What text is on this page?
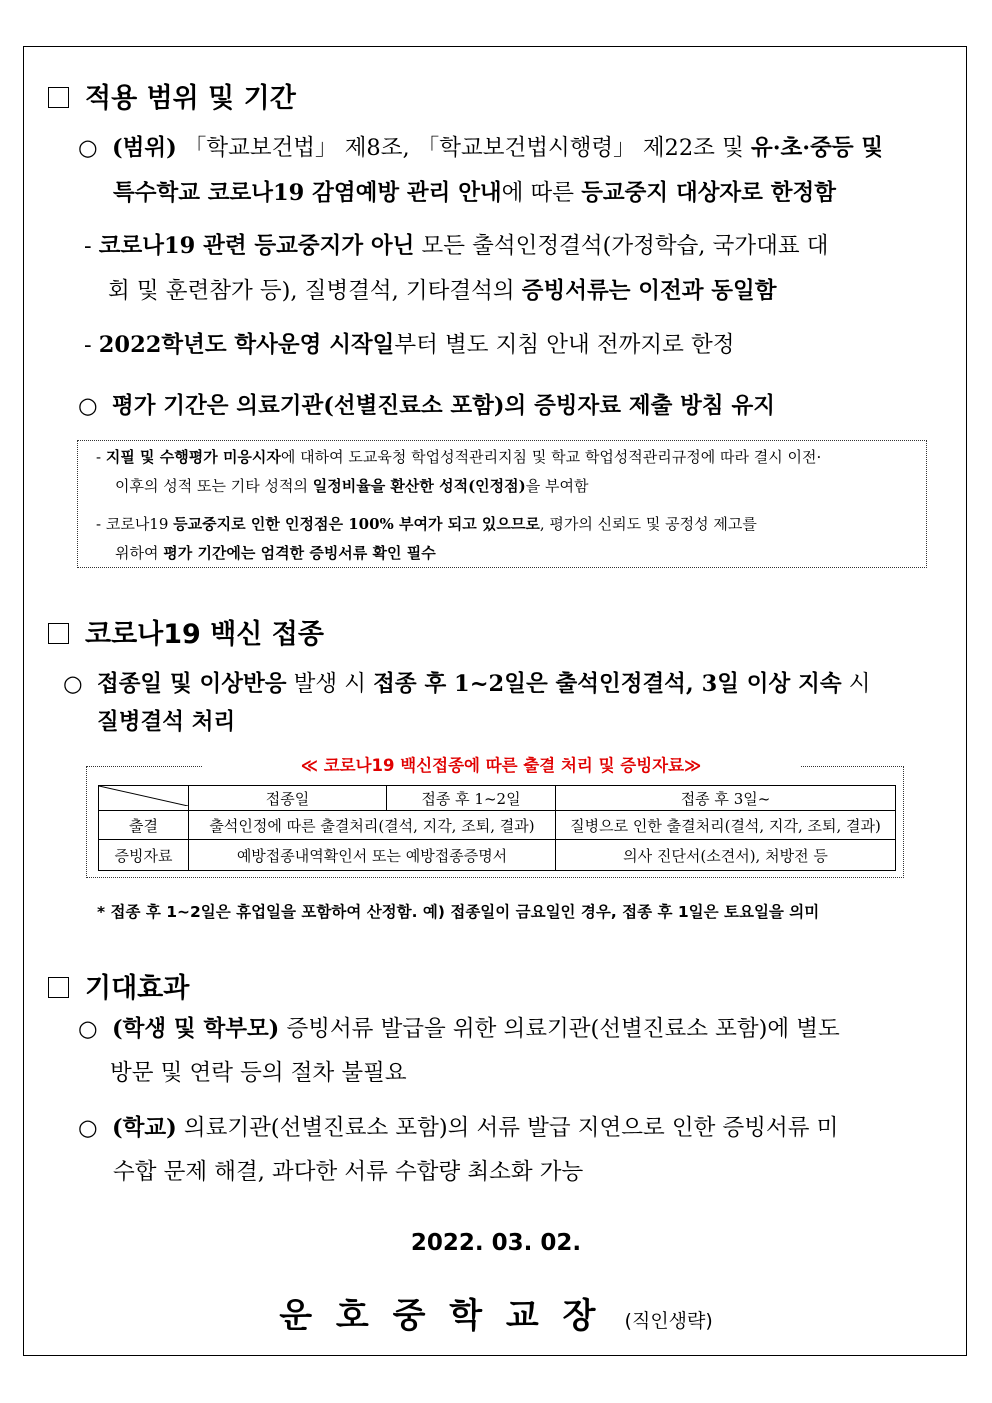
적용 범위 및 기간
○ (범위) 「학교보건법」 제8조, 「학교보건법시행령」 제22조 및 유·초·중등 및
특수학교 코로나19 감염예방 관리 안내에 따른 등교중지 대상자로 한정함
- 코로나19 관련 등교중지가 아닌 모든 출석인정결석(가정학습, 국가대표 대
회 및 훈련참가 등), 질병결석, 기타결석의 증빙서류는 이전과 동일함
- 2022학년도 학사운영 시작일부터 별도 지침 안내 전까지로 한정
○ 평가 기간은 의료기관(선별진료소 포함)의 증빙자료 제출 방침 유지
- 지필 및 수행평가 미응시자에 대하여 도교육청 학업성적관리지침 및 학교 학업성적관리규정에 따라 결시 이전·
이후의 성적 또는 기타 성적의 일정비율을 환산한 성적(인정점)을 부여함
- 코로나19 등교중지로 인한 인정점은 100% 부여가 되고 있으므로, 평가의 신뢰도 및 공정성 제고를
위하여 평가 기간에는 엄격한 증빙서류 확인 필수
코로나19 백신 접종
○ 접종일 및 이상반응 발생 시 접종 후 1~2일은 출석인정결석, 3일 이상 지속 시
질병결석 처리
≪ 코로나19 백신접종에 따른 출결 처리 및 증빙자료≫
	접종일	접종 후 1~2일	접종 후 3일~
출결	출석인정에 따른 출결처리(결석, 지각, 조퇴, 결과)		질병으로 인한 출결처리(결석, 지각, 조퇴, 결과)
증빙자료	예방접종내역확인서 또는 예방접종증명서		의사 진단서(소견서), 처방전 등
* 접종 후 1~2일은 휴업일을 포함하여 산정함. 예) 접종일이 금요일인 경우, 접종 후 1일은 토요일을 의미
기대효과
○ (학생 및 학부모) 증빙서류 발급을 위한 의료기관(선별진료소 포함)에 별도
방문 및 연락 등의 절차 불필요
○ (학교) 의료기관(선별진료소 포함)의 서류 발급 지연으로 인한 증빙서류 미
수합 문제 해결, 과다한 서류 수합량 최소화 가능
2022. 03. 02.
운 호 중 학 교 장 (직인생략)
